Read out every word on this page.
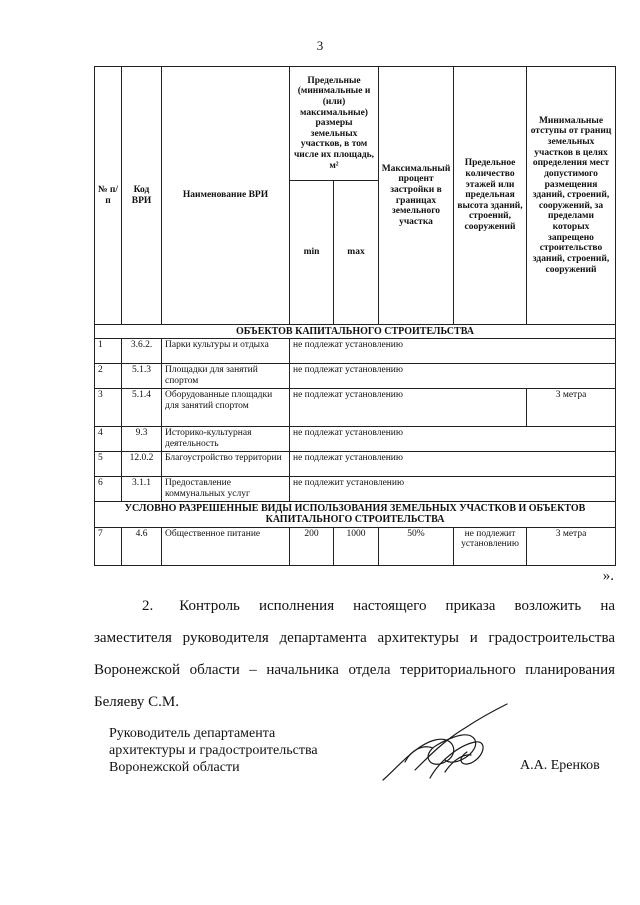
3
№ п/п	Код ВРИ	Наименование ВРИ	Предельные (минимальные и (или) максимальные) размеры земельных участков, в том числе их площадь, м²		Максимальный процент застройки в границах земельного участка	Предельное количество этажей или предельная высота зданий, строений, сооружений	Минимальные отступы от границ земельных участков в целях определения мест допустимого размещения зданий, строений, сооружений, за пределами которых запрещено строительство зданий, строений, сооружений
			min	max			
ОБЪЕКТОВ КАПИТАЛЬНОГО СТРОИТЕЛЬСТВА							
1	3.6.2.	Парки культуры и отдыха	не подлежат установлению				
2	5.1.3	Площадки для занятий спортом	не подлежат установлению				
3	5.1.4	Оборудованные площадки для занятий спортом	не подлежат установлению				3 метра
4	9.3	Историко-культурная деятельность	не подлежат установлению				
5	12.0.2	Благоустройство территории	не подлежат установлению				
6	3.1.1	Предоставление коммунальных услуг	не подлежит установлению				
УСЛОВНО РАЗРЕШЕННЫЕ ВИДЫ ИСПОЛЬЗОВАНИЯ ЗЕМЕЛЬНЫХ УЧАСТКОВ И ОБЪЕКТОВ КАПИТАЛЬНОГО СТРОИТЕЛЬСТВА							
7	4.6	Общественное питание	200	1000	50%	не подлежит установлению	3 метра
».
2. Контроль исполнения настоящего приказа возложить на
заместителя руководителя департамента архитектуры и градостроительства Воронежской области – начальника отдела территориального планирования Беляеву С.М.
Руководитель департамента
архитектуры и градостроительства
Воронежской области	А.А. Еренков
